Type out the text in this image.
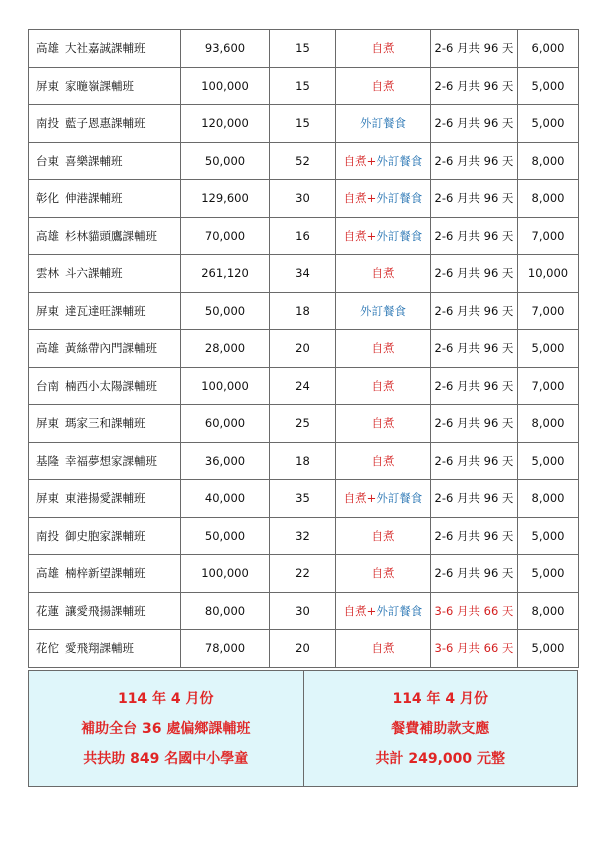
高雄 大社嘉誠課輔班	93,600	15	自煮	2-6 月共 96 天	6,000
屏東 家暆嶺課輔班	100,000	15	自煮	2-6 月共 96 天	5,000
南投 藍子恩惠課輔班	120,000	15	外訂餐食	2-6 月共 96 天	5,000
台東 喜樂課輔班	50,000	52	自煮+外訂餐食	2-6 月共 96 天	8,000
彰化 伸港課輔班	129,600	30	自煮+外訂餐食	2-6 月共 96 天	8,000
高雄 杉林貓頭鷹課輔班	70,000	16	自煮+外訂餐食	2-6 月共 96 天	7,000
雲林 斗六課輔班	261,120	34	自煮	2-6 月共 96 天	10,000
屏東 達瓦達旺課輔班	50,000	18	外訂餐食	2-6 月共 96 天	7,000
高雄 黃絲帶內門課輔班	28,000	20	自煮	2-6 月共 96 天	5,000
台南 楠西小太陽課輔班	100,000	24	自煮	2-6 月共 96 天	7,000
屏東 瑪家三和課輔班	60,000	25	自煮	2-6 月共 96 天	8,000
基隆 幸福夢想家課輔班	36,000	18	自煮	2-6 月共 96 天	5,000
屏東 東港揚愛課輔班	40,000	35	自煮+外訂餐食	2-6 月共 96 天	8,000
南投 御史胞家課輔班	50,000	32	自煮	2-6 月共 96 天	5,000
高雄 楠梓新望課輔班	100,000	22	自煮	2-6 月共 96 天	5,000
花蓮 讓愛飛揚課輔班	80,000	30	自煮+外訂餐食	3-6 月共 66 天	8,000
花佗 愛飛翔課輔班	78,000	20	自煮	3-6 月共 66 天	5,000
114 年 4 月份
補助全台 36 處偏鄉課輔班
共扶助 849 名國中小學童
114 年 4 月份
餐費補助款支應
共計 249,000 元整
